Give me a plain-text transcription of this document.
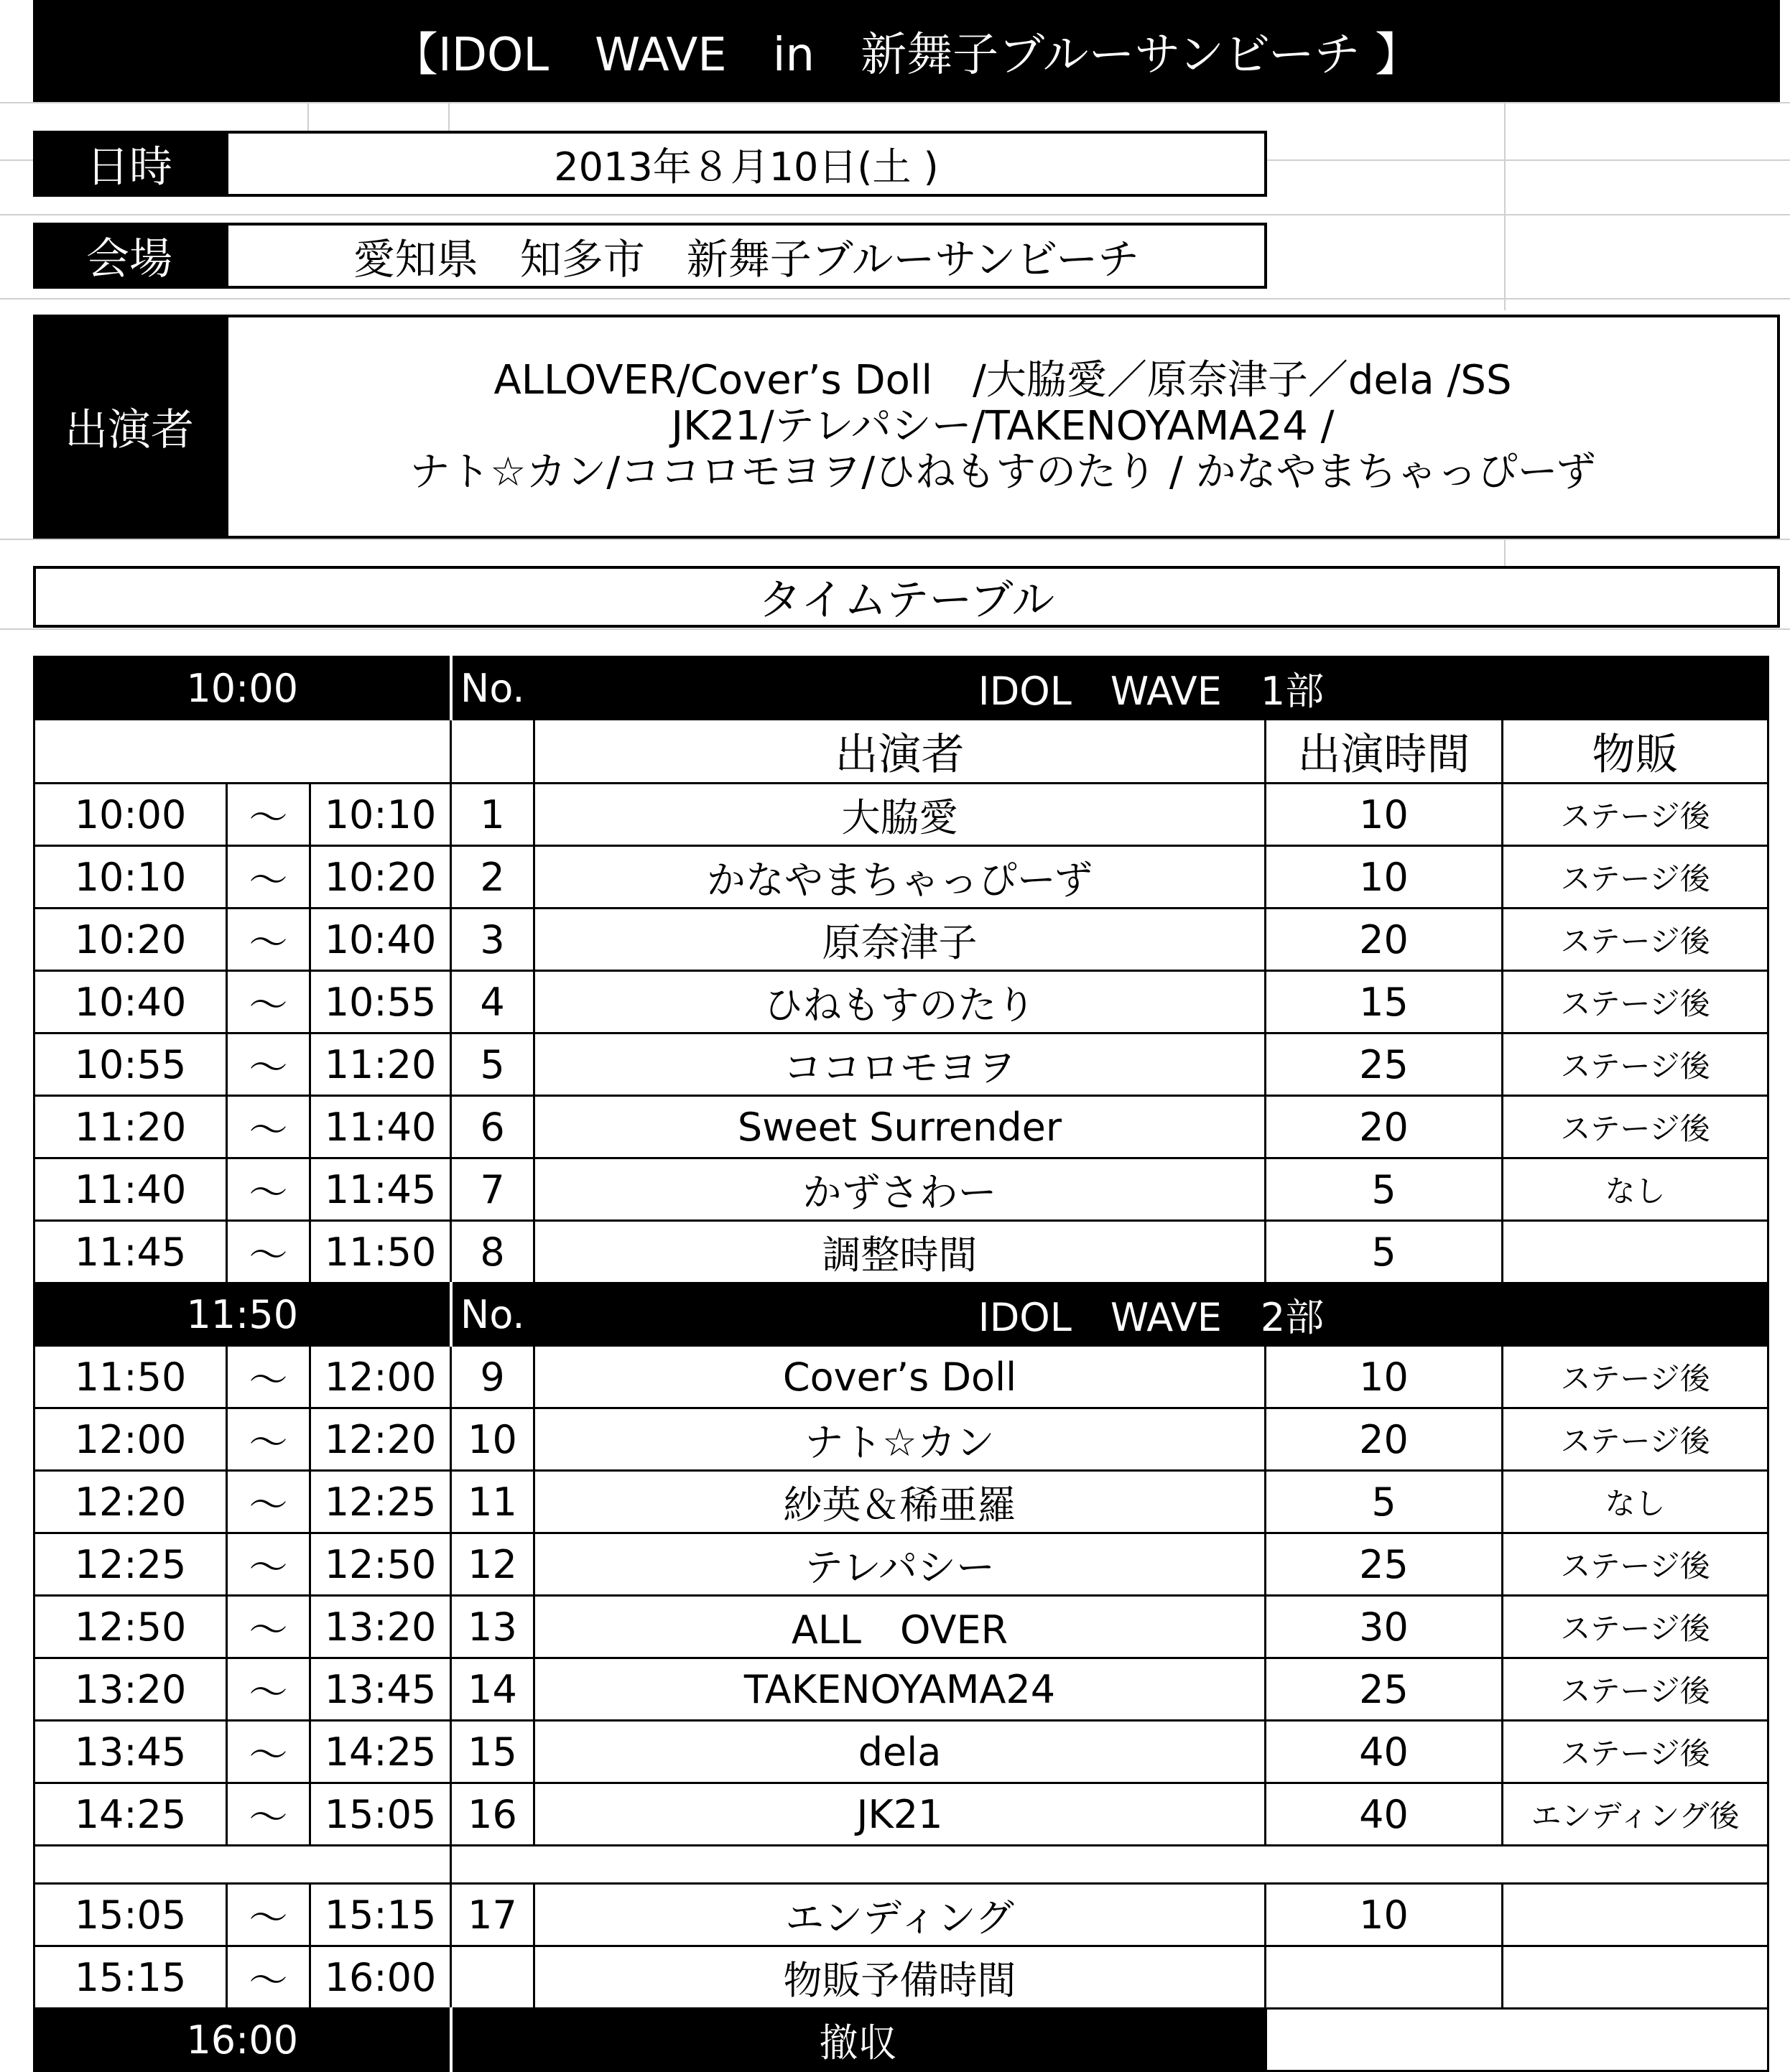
【IDOL　WAVE　in　新舞子ブルーサンビーチ 】
日時	2013年８月10日(土 )
会場	愛知県　知多市　新舞子ブルーサンビーチ
出演者
ALLOVER/Cover’s Doll　/大脇愛／原奈津子／dela /SS
JK21/テレパシー/TAKENOYAMA24 /
ナト☆カン/ココロモヨヲ/ひねもすのたり / かなやまちゃっぴーず
タイムテーブル
10:00			No.	IDOL　WAVE　1部		
				出演者	出演時間	物販
10:00	～	10:10	1	大脇愛	10	ステージ後
10:10	～	10:20	2	かなやまちゃっぴーず	10	ステージ後
10:20	～	10:40	3	原奈津子	20	ステージ後
10:40	～	10:55	4	ひねもすのたり	15	ステージ後
10:55	～	11:20	5	ココロモヨヲ	25	ステージ後
11:20	～	11:40	6	Sweet Surrender	20	ステージ後
11:40	～	11:45	7	かずさわー	5	なし
11:45	～	11:50	8	調整時間	5	
11:50			No.	IDOL　WAVE　2部		
11:50	～	12:00	9	Cover’s Doll	10	ステージ後
12:00	～	12:20	10	ナト☆カン	20	ステージ後
12:20	～	12:25	11	紗英＆稀亜羅	5	なし
12:25	～	12:50	12	テレパシー	25	ステージ後
12:50	～	13:20	13	ALL　OVER	30	ステージ後
13:20	～	13:45	14	TAKENOYAMA24	25	ステージ後
13:45	～	14:25	15	dela	40	ステージ後
14:25	～	15:05	16	JK21	40	エンディング後

15:05	～	15:15	17	エンディング	10	
15:15	～	16:00		物販予備時間		
16:00			撤収			
